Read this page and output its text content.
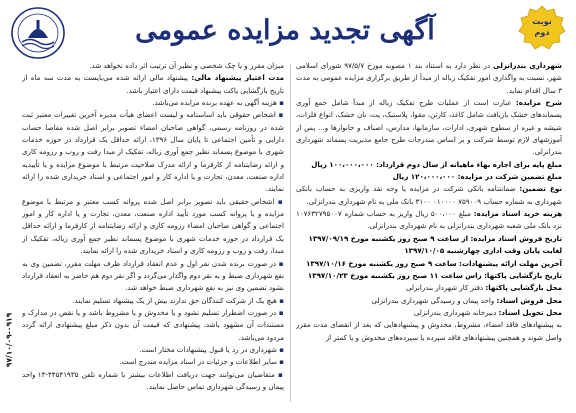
آگهی تجدید مزایده عمومی	نوبت
دوم

شهرداری بندرانزلی در نظر دارد به استناد بند ۱ مصوبه مورخ ۹۷/۵/۷ شورای اسلامی شهر، نسبت به واگذاری امور تفکیک زباله از مبدأ از طریق برگزاری مزایده عمومی به مدت ۳ سال اقدام نماید.

شرح مزایده: عبارت است از عملیات طرح تفکیک زباله از مبدأ شامل جمع آوری پسماندهای خشک بازیافت شامل کاغذ، کارتن، مقوا، پلاستیک، پت، نان خشک، انواع فلزات، شیشه و غیره از سطوح شهری، ادارات، سازمانها، مدارس، اصناف و خانوارها و... پس از آموزشهای لازم توسط شرکت و بر اساس مندرجات طرح جامع مدیریت پسماند شهرداری بندرانزلی.

مبلغ پایه برای اجاره بهاء ماهیانه از سال دوم قرارداد: ۱۰۰،۰۰۰،۰۰۰ ریال

مبلغ تضمین شرکت در مزایده: ۱۲۰،۰۰۰،۰۰۰ ریال

نوع تضمین: ضمانتنامه بانکی شرکت در مزایده یا وجه نقد واریزی به حساب بانکی شهرداری به شماره حساب ۷۵۹۰۰۹ ۰۱۰۰۰۰ ۳۱۰۰ بانک ملی به نام شهرداری بندرانزلی.

هزینه خرید اسناد مزایده: مبلغ ۵۰۰،۰۰۰ ریال واریز به حساب شماره ۱۰۷۶۳۲۷۹۵۰۰۷ نزد بانک ملی شعبه شهرداری بندرانزلی به نام شهرداری بندرانزلی.

تاریخ فروش اسناد مزایده: از ساعت ۹ صبح روز یکشنبه مورخ ۱۳۹۷/۰۹/۱۹

لغایت پایان وقت اداری چهارشنبه ۱۳۹۷/۱۰/۰۵

آخرین مهلت ارائه پیشنهادات: ساعت ۹ صبح روز یکشنبه مورخ ۱۳۹۷/۱۰/۱۶

تاریخ بازگشایی پاکتها: راس ساعت ۱۱ صبح روز یکشنبه مورخ ۱۳۹۷/۱۰/۲۳

محل بازگشایی پاکتها: دفتر کار شهردار بندرانزلی

محل فروش اسناد: واحد پیمان و رسیدگی شهرداری بندرانزلی

محل تحویل اسناد: دبیرخانه شهرداری بندرانزلی

به پیشنهادهای فاقد امضاء، مشروط، مخدوش و پیشنهادهایی که بعد از انقضای مدت مقرر واصل شوند و همچنین پیشنهادهای فاقد سپرده یا سپرده‌های مخدوش و یا کمتر از

میزان مقرر و یا چک شخصی و نظیر آن ترتیب اثر داده نخواهد شد.

مدت اعتبار پیشنهاد مالی: پیشنهاد مالی ارائه شده می‌بایست به مدت سه ماه از تاریخ بازگشایی پاکت پیشنهاد قیمت دارای اعتبار باشد.

▪ هزینه آگهی به عهده برنده مزایده می‌باشد.

▪ اشخاص حقوقی باید اساسنامه و لیست اعضای هیأت مدیره آخرین تغییرات معتبر ثبت شده در روزنامه رسمی، گواهی صاحبان امضاء تصویر برابر اصل شده مفاصا حساب دارایی و تأمین اجتماعی تا پایان سال ۱۳۹۶، ارائه حداقل یک قرارداد در حوزه خدمات شهری با موضوع پسماند نظیر جمع آوری زباله، تفکیک از مبدا رفت و روب و رزومه کاری و ارائه رضایتنامه از کارفرما و ارائه مدرک صلاحیت مرتبط با موضوع مزایده و یا تأییدیه اداره صنعت، معدن، تجارت و یا اداره کار و امور اجتماعی و اسناد خریداری شده را ارائه نمایند.

▪ اشخاص حقیقی باید تصویر برابر اصل شده پروانه کسب معتبر و مرتبط با موضوع مزایده و یا پروانه کسب مورد تأیید اداره صنعت، معدن، تجارت و یا اداره کار و امور اجتماعی و گواهی صاحبان امضاء رزومه کاری و ارائه رضایتنامه از کارفرما و ارائه حداقل یک قرارداد در حوزه خدمات شهری با موضوع پسماند نظیر جمع آوری زباله، تفکیک از مبدا، رفت و روب و رزومه کاری و اسناد خریداری شده را ارائه نمایند.

▪ در صورت برنده شدن نفر اول و عدم انعقاد قرارداد ظرف مهلت مقرر، تضمین وی به نفع شهرداری ضبط و به نفر دوم واگذار می‌گردد و اگر نفر دوم هم حاضر به انعقاد قرارداد نشود تضمین وی نیز به نفع شهرداری ضبط خواهد شد.

▪ هیچ یک از شرکت کنندگان حق ندارند بیش از یک پیشنهاد تسلیم نمایند.

▪ در صورت اضطرار تسلیم نشود و یا مخدوش و یا مشروط باشد و یا نقص در مدارک و مستندات آن مشهود باشد، پیشنهادی که قیمت آن بدون ذکر مبلغ پیشنهادی ارائه گردد مردود می‌باشد.

▪ شهرداری در رد یا قبول پیشنهادات مختار است.

▪ سایر اطلاعات و جزئیات در اسناد مزایده مندرج است.

▪ متقاضیان می‌توانند جهت دریافت اطلاعات بیشتر با شماره تلفن ۴۴۵۴۱۹۳۵-۱۳ واحد پیمان و رسیدگی شهرداری تماس حاصل نمایند.

۹۷/۱۰/۰۹-۰۹۱۹
